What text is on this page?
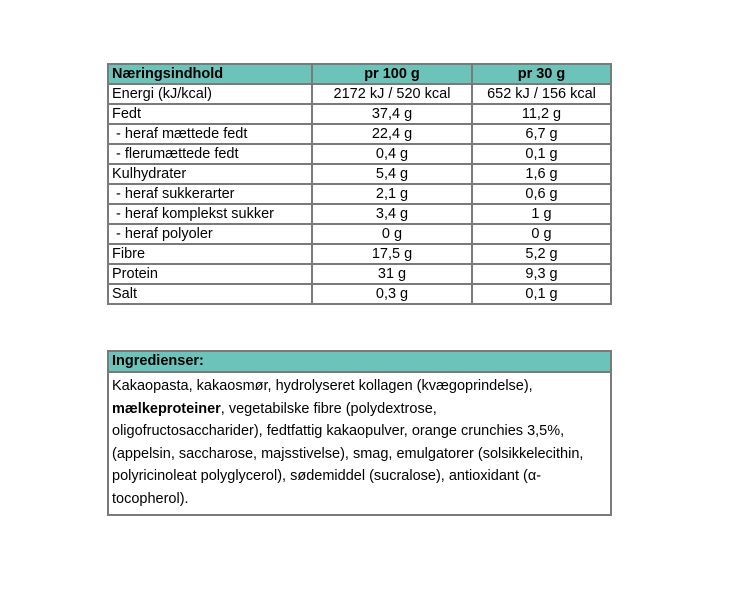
Næringsindhold	pr 100 g	pr 30 g
Energi (kJ/kcal)	2172 kJ / 520 kcal	652 kJ / 156 kcal
Fedt	37,4 g	11,2 g
- heraf mættede fedt	22,4 g	6,7 g
- flerumættede fedt	0,4 g	0,1 g
Kulhydrater	5,4 g	1,6 g
- heraf sukkerarter	2,1 g	0,6 g
- heraf komplekst sukker	3,4 g	1 g
- heraf polyoler	0 g	0 g
Fibre	17,5 g	5,2 g
Protein	31 g	9,3 g
Salt	0,3 g	0,1 g
Ingredienser:

Kakaopasta, kakaosmør, hydrolyseret kollagen (kvægoprindelse),
mælkeproteiner, vegetabilske fibre (polydextrose,
oligofructosaccharider), fedtfattig kakaopulver, orange crunchies 3,5%,
(appelsin, saccharose, majsstivelse), smag, emulgatorer (solsikkelecithin,
polyricinoleat polyglycerol), sødemiddel (sucralose), antioxidant (α-
tocopherol).
